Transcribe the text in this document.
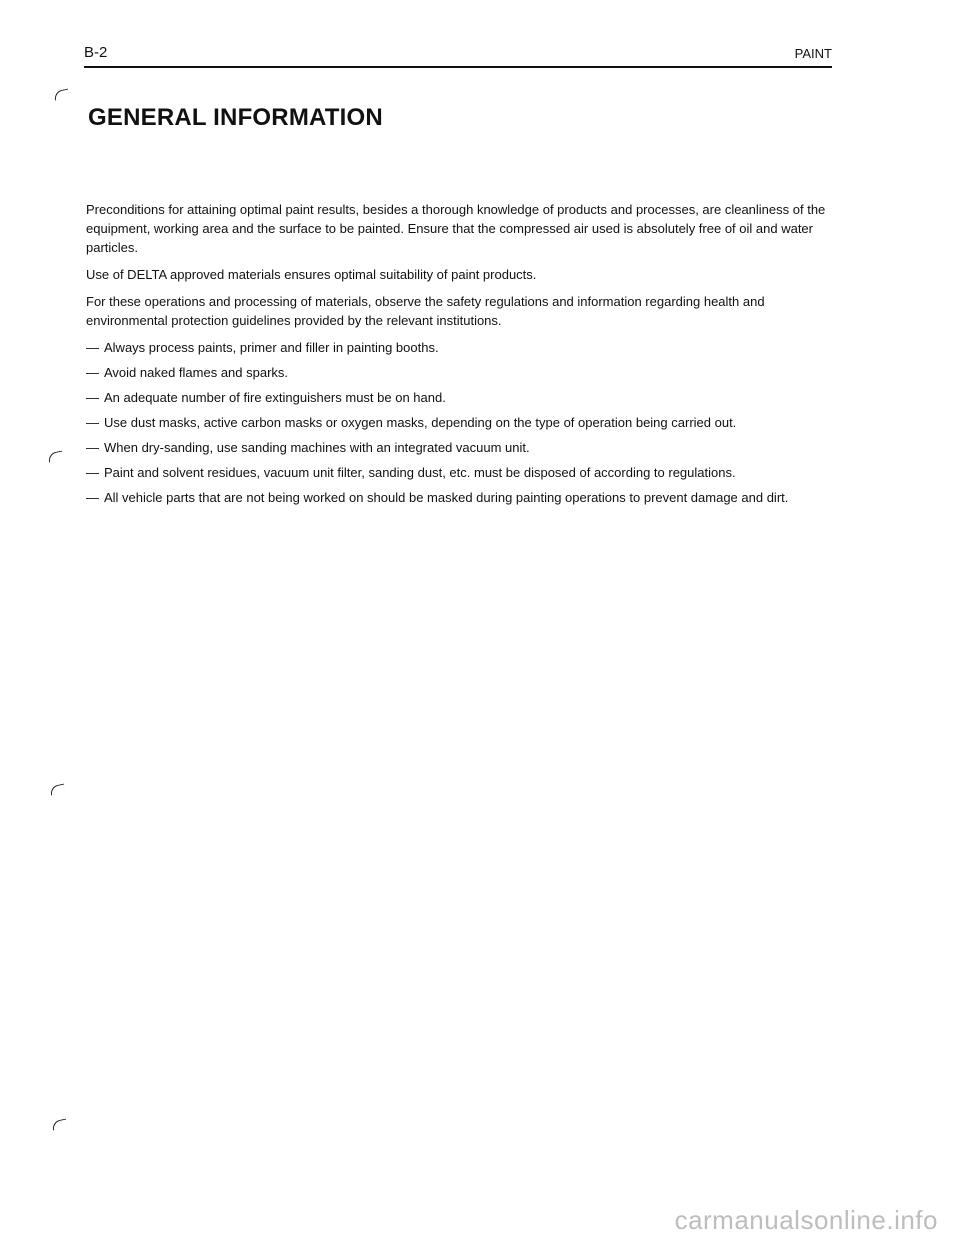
B-2	PAINT
GENERAL INFORMATION

Preconditions for attaining optimal paint results, besides a thorough knowledge of products and processes, are cleanliness of the equipment, working area and the surface to be painted. Ensure that the compressed air used is absolutely free of oil and water particles.

Use of DELTA approved materials ensures optimal suitability of paint products.

For these operations and processing of materials, observe the safety regulations and information regarding health and environmental protection guidelines provided by the relevant institutions.

— Always process paints, primer and filler in painting booths.
— Avoid naked flames and sparks.
— An adequate number of fire extinguishers must be on hand.
— Use dust masks, active carbon masks or oxygen masks, depending on the type of operation being carried out.
— When dry-sanding, use sanding machines with an integrated vacuum unit.
— Paint and solvent residues, vacuum unit filter, sanding dust, etc. must be disposed of according to regulations.
— All vehicle parts that are not being worked on should be masked during painting operations to prevent damage and dirt.
carmanualsonline.info
